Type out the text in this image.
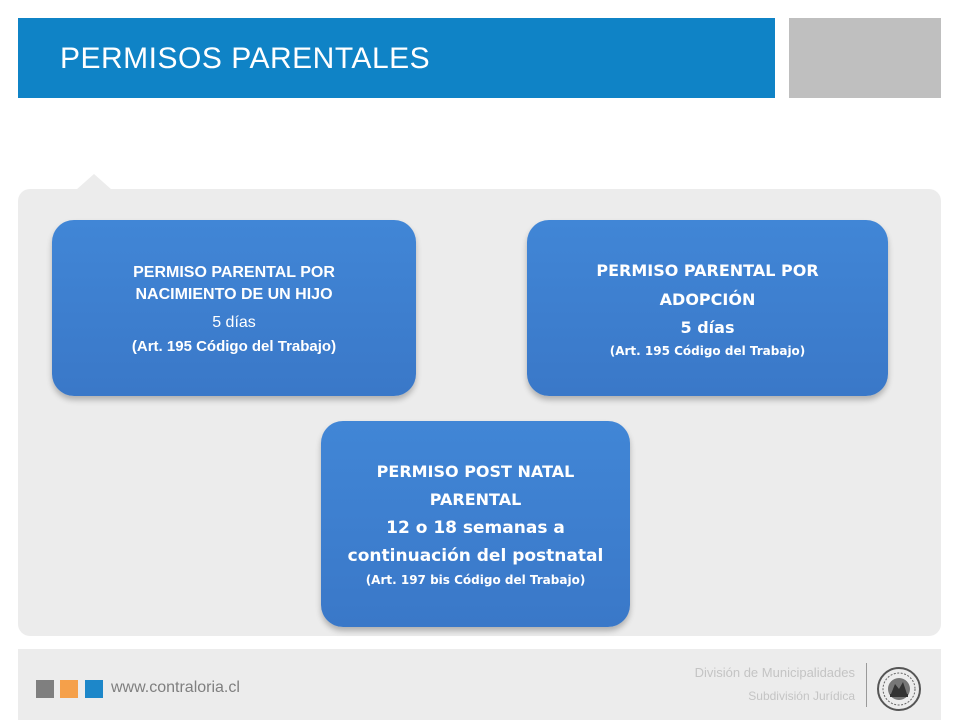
PERMISOS PARENTALES
PERMISO PARENTAL POR
NACIMIENTO DE UN HIJO
5 días
(Art. 195 Código del Trabajo)
PERMISO PARENTAL POR
ADOPCIÓN
5 días
(Art. 195 Código del Trabajo)
PERMISO POST NATAL
PARENTAL
12 o 18 semanas a
continuación del postnatal
(Art. 197 bis Código del Trabajo)
www.contraloria.cl
División de Municipalidades
Subdivisión Jurídica
